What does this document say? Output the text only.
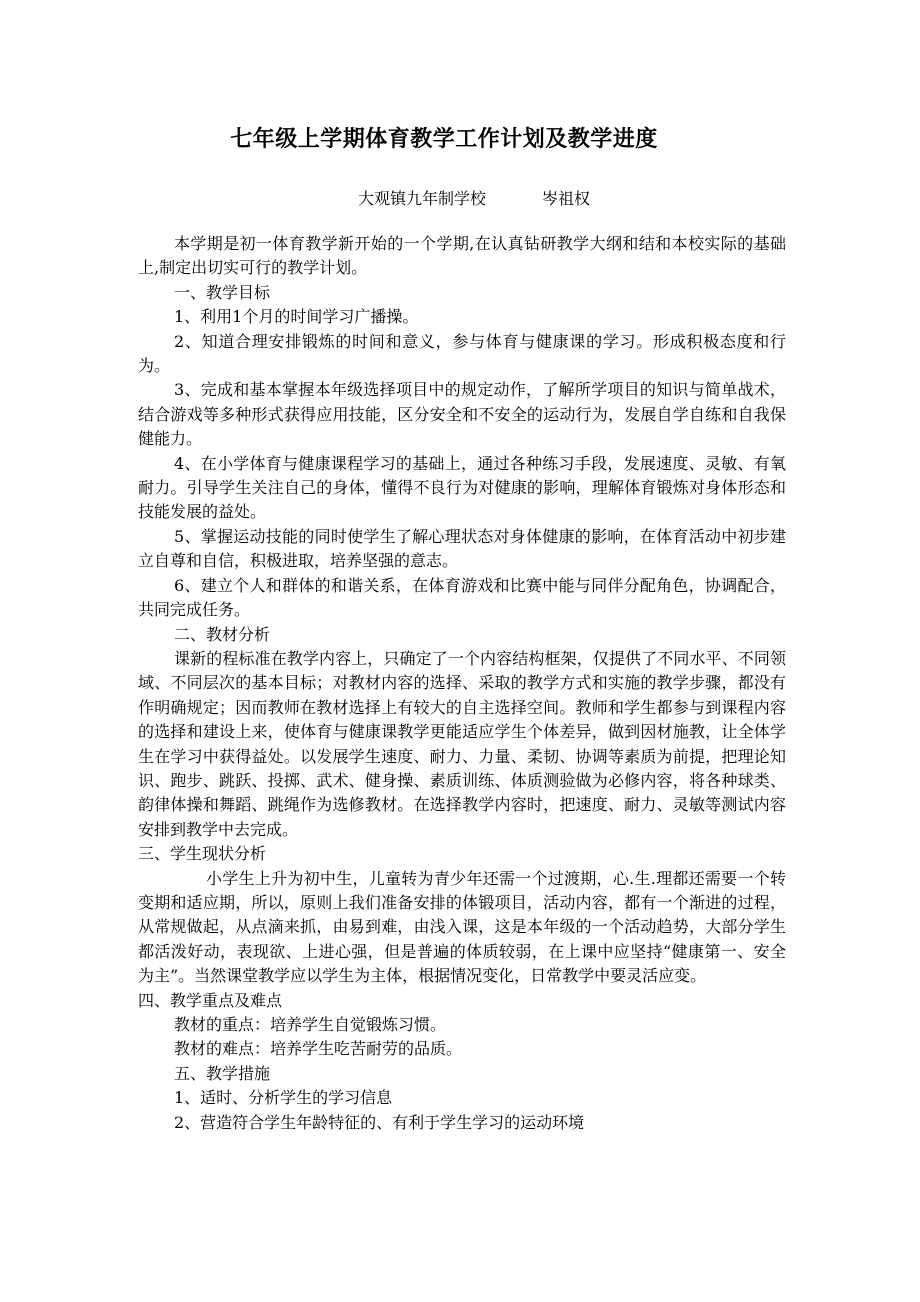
七年级上学期体育教学工作计划及教学进度
大观镇九年制学校	岑祖权

本学期是初一体育教学新开始的一个学期,在认真钻研教学大纲和结和本校实际的基础上,制定出切实可行的教学计划。

一、教学目标

1、利用1个月的时间学习广播操。

2、知道合理安排锻炼的时间和意义，参与体育与健康课的学习。形成积极态度和行为。

3、完成和基本掌握本年级选择项目中的规定动作，了解所学项目的知识与简单战术，结合游戏等多种形式获得应用技能，区分安全和不安全的运动行为，发展自学自练和自我保健能力。

4、在小学体育与健康课程学习的基础上，通过各种练习手段，发展速度、灵敏、有氧耐力。引导学生关注自己的身体，懂得不良行为对健康的影响，理解体育锻炼对身体形态和技能发展的益处。

5、掌握运动技能的同时使学生了解心理状态对身体健康的影响，在体育活动中初步建立自尊和自信，积极进取，培养坚强的意志。

6、建立个人和群体的和谐关系，在体育游戏和比赛中能与同伴分配角色，协调配合，共同完成任务。

二、教材分析

课新的程标准在教学内容上，只确定了一个内容结构框架，仅提供了不同水平、不同领域、不同层次的基本目标；对教材内容的选择、采取的教学方式和实施的教学步骤，都没有作明确规定；因而教师在教材选择上有较大的自主选择空间。教师和学生都参与到课程内容的选择和建设上来，使体育与健康课教学更能适应学生个体差异，做到因材施教，让全体学生在学习中获得益处。以发展学生速度、耐力、力量、柔韧、协调等素质为前提，把理论知识、跑步、跳跃、投掷、武术、健身操、素质训练、体质测验做为必修内容，将各种球类、韵律体操和舞蹈、跳绳作为选修教材。在选择教学内容时，把速度、耐力、灵敏等测试内容安排到教学中去完成。

三、学生现状分析

小学生上升为初中生，儿童转为青少年还需一个过渡期，心.生.理都还需要一个转变期和适应期，所以，原则上我们准备安排的体锻项目，活动内容，都有一个渐进的过程，从常规做起，从点滴来抓，由易到难，由浅入课，这是本年级的一个活动趋势，大部分学生都活泼好动，表现欲、上进心强，但是普遍的体质较弱，在上课中应坚持“健康第一、安全为主”。当然课堂教学应以学生为主体，根据情况变化，日常教学中要灵活应变。

四、教学重点及难点

教材的重点：培养学生自觉锻炼习惯。

教材的难点：培养学生吃苦耐劳的品质。

五、教学措施

1、适时、分析学生的学习信息

2、营造符合学生年龄特征的、有利于学生学习的运动环境
